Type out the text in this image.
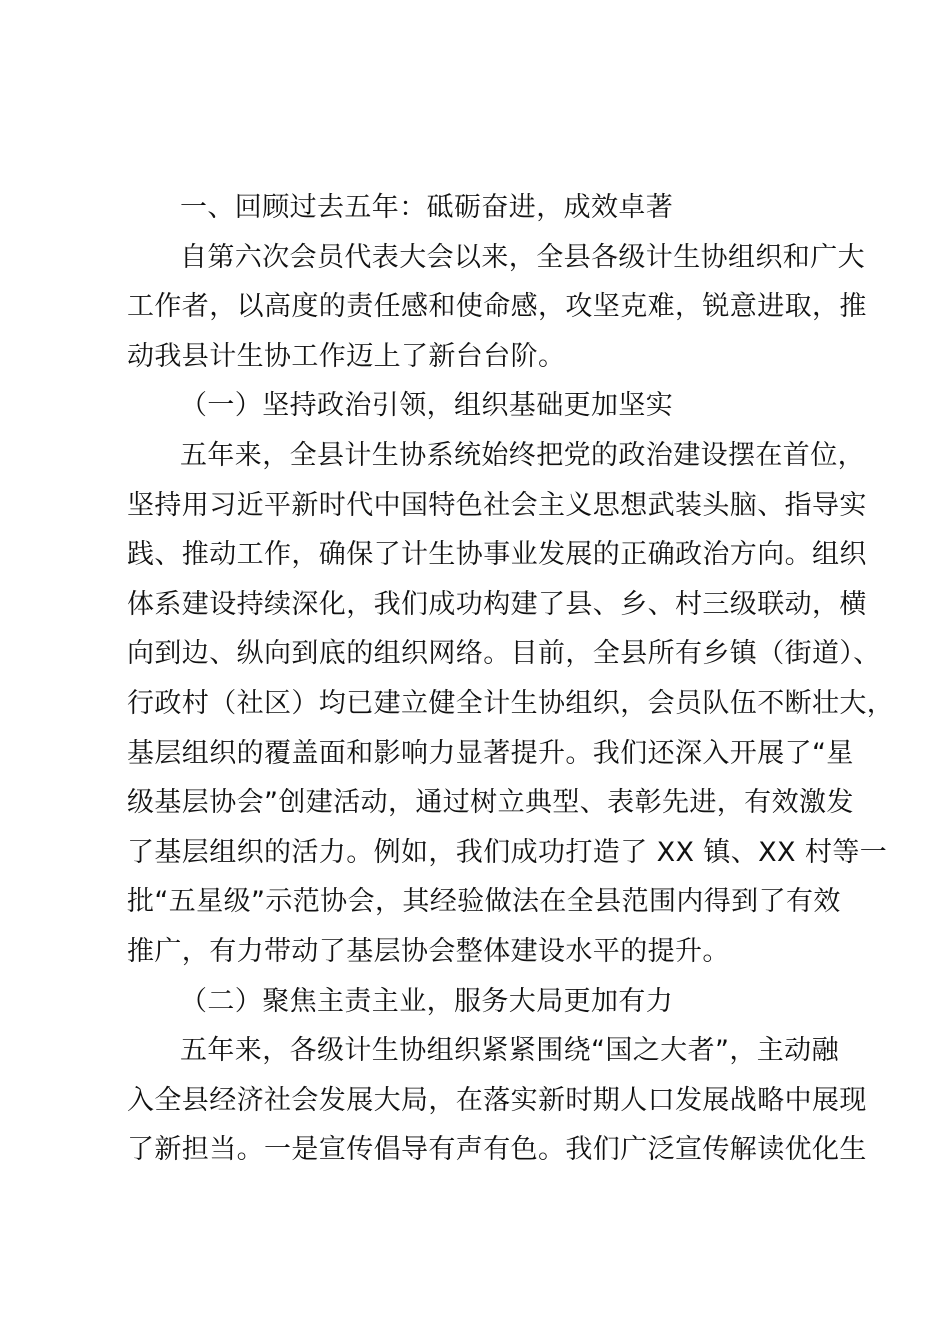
一、回顾过去五年：砥砺奋进，成效卓著
自第六次会员代表大会以来，全县各级计生协组织和广大
工作者，以高度的责任感和使命感，攻坚克难，锐意进取，推
动我县计生协工作迈上了新台台阶。
（一）坚持政治引领，组织基础更加坚实
五年来，全县计生协系统始终把党的政治建设摆在首位，
坚持用习近平新时代中国特色社会主义思想武装头脑、指导实
践、推动工作，确保了计生协事业发展的正确政治方向。组织
体系建设持续深化，我们成功构建了县、乡、村三级联动，横
向到边、纵向到底的组织网络。目前，全县所有乡镇（街道）、
行政村（社区）均已建立健全计生协组织，会员队伍不断壮大，
基层组织的覆盖面和影响力显著提升。我们还深入开展了“星
级基层协会”创建活动，通过树立典型、表彰先进，有效激发
了基层组织的活力。例如，我们成功打造了 XX 镇、XX 村等一
批“五星级”示范协会，其经验做法在全县范围内得到了有效
推广，有力带动了基层协会整体建设水平的提升。
（二）聚焦主责主业，服务大局更加有力
五年来，各级计生协组织紧紧围绕“国之大者”，主动融
入全县经济社会发展大局，在落实新时期人口发展战略中展现
了新担当。一是宣传倡导有声有色。我们广泛宣传解读优化生
